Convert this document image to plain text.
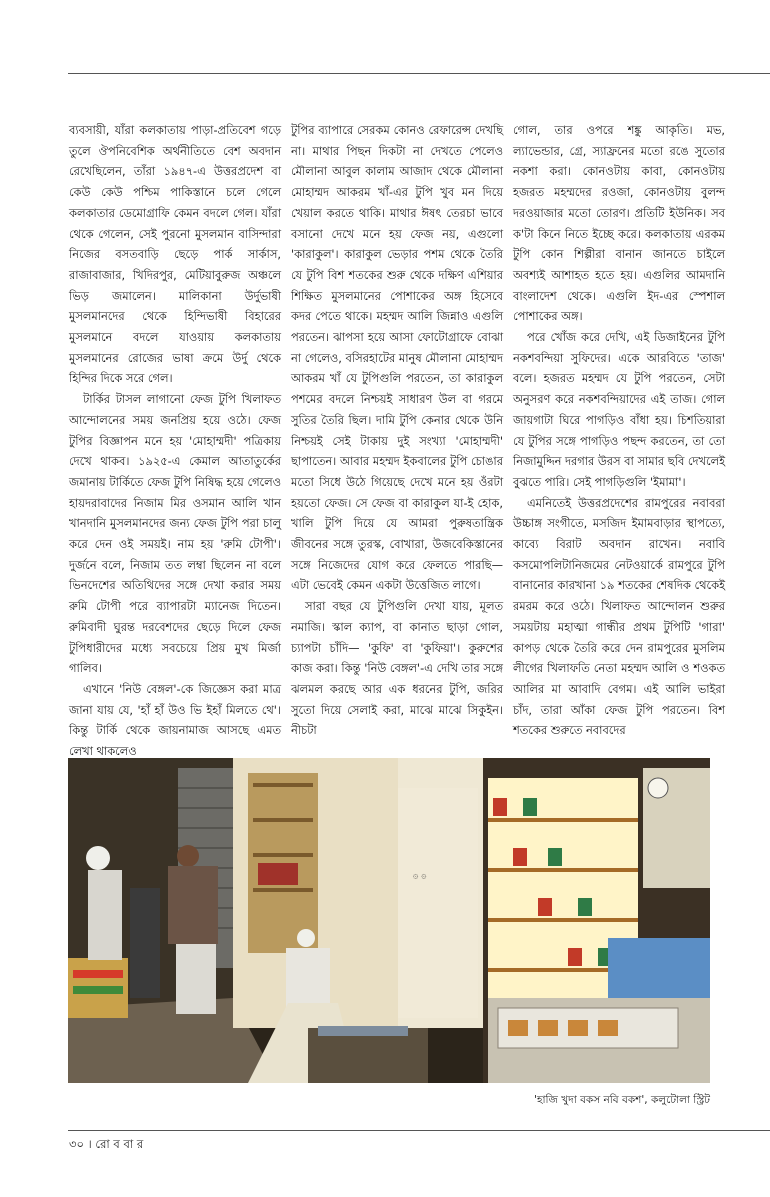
ব্যবসায়ী, যাঁরা কলকাতায় পাড়া-প্রতিবেশ গড়ে তুলে ঔপনিবেশিক অর্থনীতিতে বেশ অবদান রেখেছিলেন, তাঁরা ১৯৪৭-এ উত্তরপ্রদেশ বা কেউ কেউ পশ্চিম পাকিস্তানে চলে গেলে কলকাতার ডেমোগ্রাফি কেমন বদলে গেল। যাঁরা থেকে গেলেন, সেই পুরনো মুসলমান বাসিন্দারা নিজের বসতবাড়ি ছেড়ে পার্ক সার্কাস, রাজাবাজার, খিদিরপুর, মেটিয়াবুরুজ অঞ্চলে ভিড় জমালেন। মালিকানা উর্দুভাষী মুসলমানদের থেকে হিন্দিভাষী বিহারের মুসলমানে বদলে যাওয়ায় কলকাতায় মুসলমানের রোজের ভাষা ক্রমে উর্দু থেকে হিন্দির দিকে সরে গেল।

টার্কির টাসল লাগানো ফেজ টুপি খিলাফত আন্দোলনের সময় জনপ্রিয় হয়ে ওঠে। ফেজ টুপির বিজ্ঞাপন মনে হয় 'মোহাম্মদী' পত্রিকায় দেখে থাকব। ১৯২৫-এ কেমাল আতাতুর্কের জমানায় টার্কিতে ফেজ টুপি নিষিদ্ধ হয়ে গেলেও হায়দরাবাদের নিজাম মির ওসমান আলি খান খানদানি মুসলমানদের জন্য ফেজ টুপি পরা চালু করে দেন ওই সময়ই। নাম হয় 'রুমি টোপী'। দুর্জনে বলে, নিজাম তত লম্বা ছিলেন না বলে ভিনদেশের অতিথিদের সঙ্গে দেখা করার সময় রুমি টোপী পরে ব্যাপারটা ম্যানেজ দিতেন। রুমিবাদী ঘুরন্ত দরবেশদের ছেড়ে দিলে ফেজ টুপিধারীদের মধ্যে সবচেয়ে প্রিয় মুখ মির্জা গালিব।

এখানে 'নিউ বেঙ্গল'-কে জিজ্ঞেস করা মাত্র জানা যায় যে, 'হাঁ হাঁ উও ভি ইহাঁ মিলতে থে'। কিন্তু টার্কি থেকে জায়নামাজ আসছে এমত লেখা থাকলেও

টুপির ব্যাপারে সেরকম কোনও রেফারেন্স দেখছি না। মাথার পিছন দিকটা না দেখতে পেলেও মৌলানা আবুল কালাম আজাদ থেকে মৌলানা মোহাম্মদ আকরম খাঁ-এর টুপি খুব মন দিয়ে খেয়াল করতে থাকি। মাথার ঈষৎ তেরচা ভাবে বসানো দেখে মনে হয় ফেজ নয়, এগুলো 'কারাকুল'। কারাকুল ভেড়ার পশম থেকে তৈরি যে টুপি বিশ শতকের শুরু থেকে দক্ষিণ এশিয়ার শিক্ষিত মুসলমানের পোশাকের অঙ্গ হিসেবে কদর পেতে থাকে। মহম্মদ আলি জিন্নাও এগুলি পরতেন। ঝাপসা হয়ে আসা ফোটোগ্রাফে বোঝা না গেলেও, বসিরহাটের মানুষ মৌলানা মোহাম্মদ আকরম খাঁ যে টুপিগুলি পরতেন, তা কারাকুল পশমের বদলে নিশ্চয়ই সাধারণ উল বা গরমে সুতির তৈরি ছিল। দামি টুপি কেনার থেকে উনি নিশ্চয়ই সেই টাকায় দুই সংখ্যা 'মোহাম্মদী' ছাপাতেন। আবার মহম্মদ ইকবালের টুপি চোঙার মতো সিধে উঠে গিয়েছে দেখে মনে হয় ওঁরটা হয়তো ফেজ। সে ফেজ বা কারাকুল যা-ই হোক, খালি টুপি দিয়ে যে আমরা পুরুষতান্ত্রিক জীবনের সঙ্গে তুরস্ক, বোখারা, উজবেকিস্তানের সঙ্গে নিজেদের যোগ করে ফেলতে পারছি— এটা ভেবেই কেমন একটা উত্তেজিত লাগে।

সারা বছর যে টুপিগুলি দেখা যায়, মূলত নমাজি। স্কাল ক্যাপ, বা কানাত ছাড়া গোল, চ্যাপটা চাঁদি— 'কুফি' বা 'কুফিয়া'। কুরুশের কাজ করা। কিন্তু 'নিউ বেঙ্গল'-এ দেখি তার সঙ্গে ঝলমল করছে আর এক ধরনের টুপি, জরির সুতো দিয়ে সেলাই করা, মাঝে মাঝে সিকুইন। নীচটা

গোল, তার ওপরে শঙ্কু আকৃতি। মভ, ল্যাভেন্ডার, গ্রে, স্যাফ্রনের মতো রঙে সুতোর নকশা করা। কোনওটায় কাবা, কোনওটায় হজরত মহম্মদের রওজা, কোনওটায় বুলন্দ দরওয়াজার মতো তোরণ। প্রতিটি ইউনিক। সব ক'টা কিনে নিতে ইচ্ছে করে। কলকাতায় এরকম টুপি কোন শিল্পীরা বানান জানতে চাইলে অবশ্যই আশাহত হতে হয়। এগুলির আমদানি বাংলাদেশ থেকে। এগুলি ইদ-এর স্পেশাল পোশাকের অঙ্গ।

পরে খোঁজ করে দেখি, এই ডিজাইনের টুপি নকশবন্দিয়া সুফিদের। একে আরবিতে 'তাজ' বলে। হজরত মহম্মদ যে টুপি পরতেন, সেটা অনুসরণ করে নকশবন্দিয়াদের এই তাজ। গোল জায়গাটা ঘিরে পাগড়িও বাঁধা হয়। চিশতিয়ারা যে টুপির সঙ্গে পাগড়িও পছন্দ করতেন, তা তো নিজামুদ্দিন দরগার উরস বা সামার ছবি দেখলেই বুঝতে পারি। সেই পাগড়িগুলি 'ইমামা'।

এমনিতেই উত্তরপ্রদেশের রামপুরের নবাবরা উচ্চাঙ্গ সংগীতে, মসজিদ ইমামবাড়ার স্থাপত্যে, কাব্যে বিরাট অবদান রাখেন। নবাবি কসমোপলিটানিজমের নেটওয়ার্কে রামপুরে টুপি বানানোর কারখানা ১৯ শতকের শেষদিক থেকেই রমরম করে ওঠে। খিলাফত আন্দোলন শুরুর সময়টায় মহাত্মা গান্ধীর প্রথম টুপিটি 'গারা' কাপড় থেকে তৈরি করে দেন রামপুরের মুসলিম লীগের খিলাফতি নেতা মহম্মদ আলি ও শওকত আলির মা আবাদি বেগম। এই আলি ভাইরা চাঁদ, তারা আঁকা ফেজ টুপি পরতেন। বিশ শতকের শুরুতে নবাবদের

۞ ۞
'হাজি খুদা বকস নবি বকশ', কলুটোলা স্ট্রিট
৩০ । রো ব বা র
